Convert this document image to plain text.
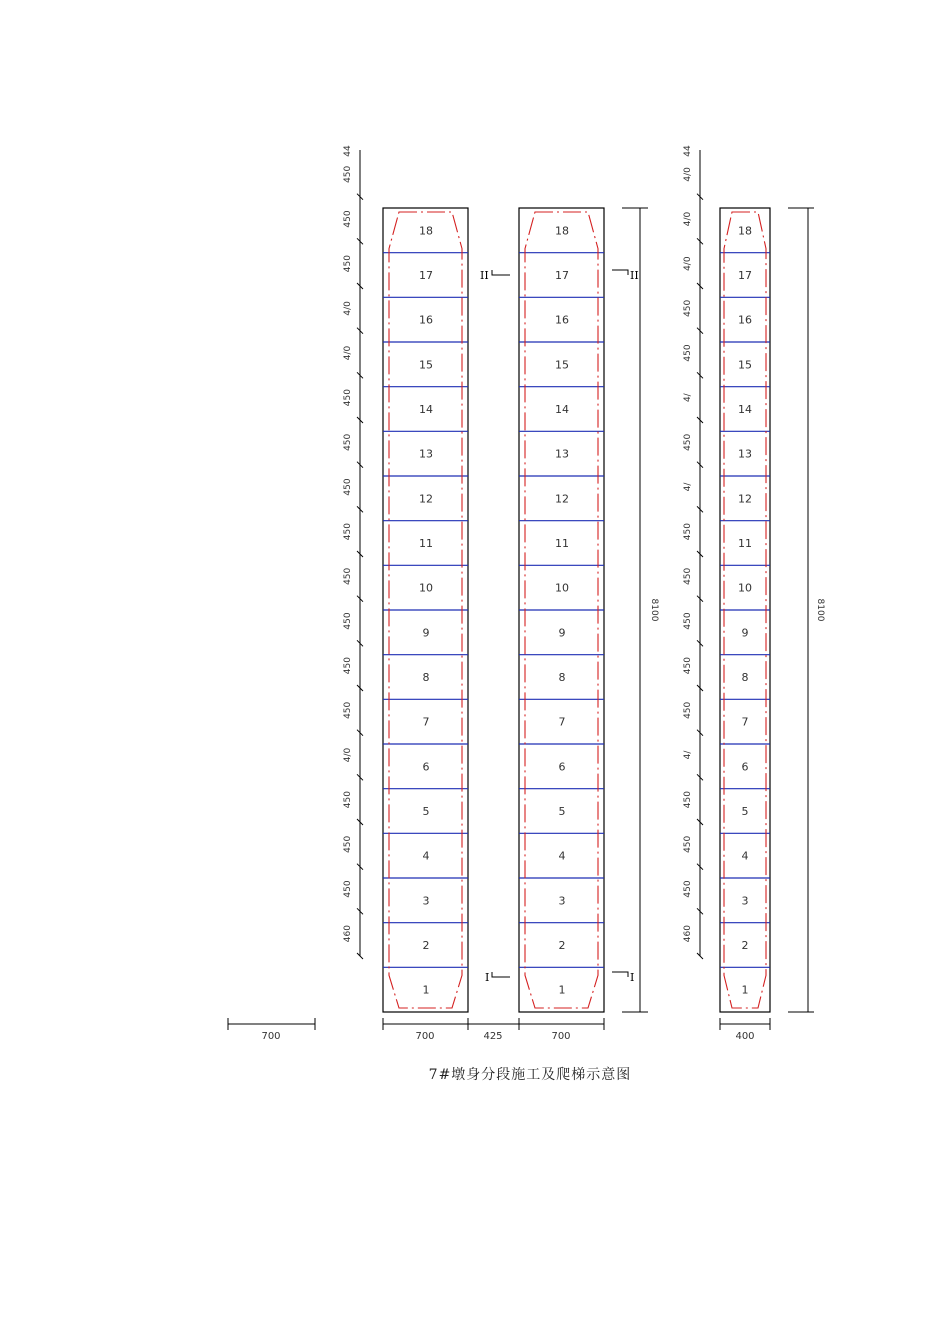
1
2
3
4
5
6
7
8
9
10
11
12
13
14
15
16
17
18
1
2
3
4
5
6
7
8
9
10
11
12
13
14
15
16
17
18
1
2
3
4
5
6
7
8
9
10
11
12
13
14
15
16
17
18
460
450
450
450
4/0
450
450
450
450
450
450
450
450
4/0
4/0
450
450
450
44
460
450
450
450
4/
450
450
450
450
450
4/
450
4/
450
450
4/0
4/0
4/0
44
8100	8100
II	II
I	I
700	700	425	700	400
7#墩身分段施工及爬梯示意图
